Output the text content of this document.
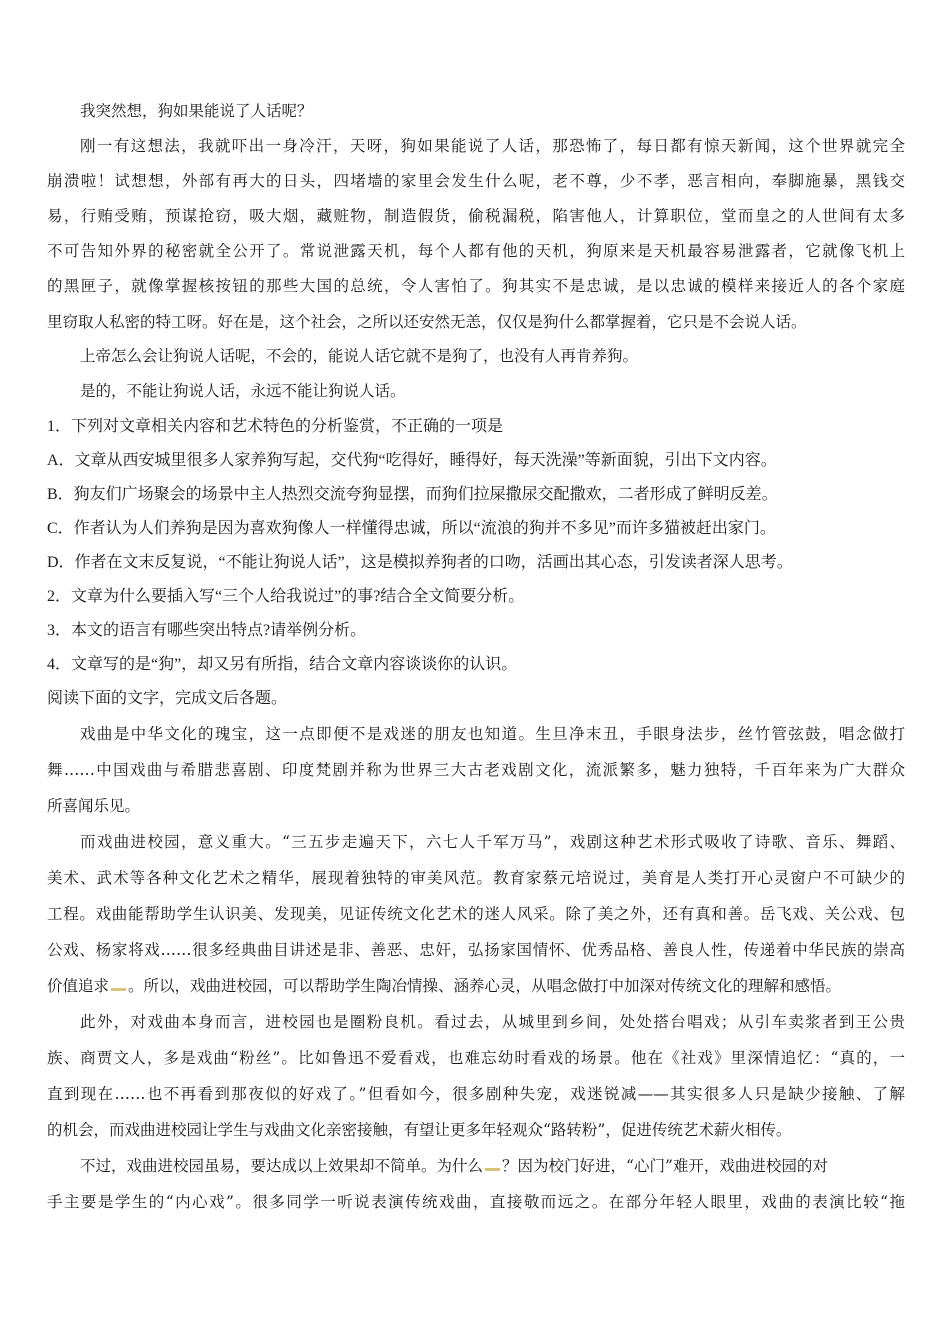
我突然想，狗如果能说了人话呢？
刚一有这想法，我就吓出一身冷汗，天呀，狗如果能说了人话，那恐怖了，每日都有惊天新闻，这个世界就完全
崩溃啦！试想想，外部有再大的日头，四堵墙的家里会发生什么呢，老不尊，少不孝，恶言相向，奉脚施暴，黑钱交
易，行贿受贿，预谋抢窃，吸大烟，藏赃物，制造假货，偷税漏税，陷害他人，计算职位，堂而皇之的人世间有太多
不可告知外界的秘密就全公开了。常说泄露天机，每个人都有他的天机，狗原来是天机最容易泄露者，它就像飞机上
的黑匣子，就像掌握核按钮的那些大国的总统，令人害怕了。狗其实不是忠诚，是以忠诚的模样来接近人的各个家庭
里窃取人私密的特工呀。好在是，这个社会，之所以还安然无恙，仅仅是狗什么都掌握着，它只是不会说人话。
上帝怎么会让狗说人话呢，不会的，能说人话它就不是狗了，也没有人再肯养狗。
是的，不能让狗说人话，永远不能让狗说人话。
1．下列对文章相关内容和艺术特色的分析鉴赏，不正确的一项是
A．文章从西安城里很多人家养狗写起，交代狗“吃得好，睡得好，每天洗澡”等新面貌，引出下文内容。
B．狗友们广场聚会的场景中主人热烈交流夸狗显摆，而狗们拉屎撒尿交配撒欢，二者形成了鲜明反差。
C．作者认为人们养狗是因为喜欢狗像人一样懂得忠诚，所以“流浪的狗并不多见”而许多猫被赶出家门。
D．作者在文末反复说，“不能让狗说人话”，这是模拟养狗者的口吻，活画出其心态，引发读者深人思考。
2．文章为什么要插入写“三个人给我说过”的事?结合全文简要分析。
3．本文的语言有哪些突出特点?请举例分析。
4．文章写的是“狗”，却又另有所指，结合文章内容谈谈你的认识。
阅读下面的文字，完成文后各题。
戏曲是中华文化的瑰宝，这一点即便不是戏迷的朋友也知道。生旦净末丑，手眼身法步，丝竹管弦鼓，唱念做打
舞……中国戏曲与希腊悲喜剧、印度梵剧并称为世界三大古老戏剧文化，流派繁多，魅力独特，千百年来为广大群众
所喜闻乐见。
而戏曲进校园，意义重大。“三五步走遍天下，六七人千军万马”，戏剧这种艺术形式吸收了诗歌、音乐、舞蹈、
美术、武术等各种文化艺术之精华，展现着独特的审美风范。教育家蔡元培说过，美育是人类打开心灵窗户不可缺少的
工程。戏曲能帮助学生认识美、发现美，见证传统文化艺术的迷人风采。除了美之外，还有真和善。岳飞戏、关公戏、包
公戏、杨家将戏……很多经典曲目讲述是非、善恶、忠奸，弘扬家国情怀、优秀品格、善良人性，传递着中华民族的崇高
价值追求 。所以，戏曲进校园，可以帮助学生陶冶情操、涵养心灵，从唱念做打中加深对传统文化的理解和感悟。
此外，对戏曲本身而言，进校园也是圈粉良机。看过去，从城里到乡间，处处搭台唱戏；从引车卖浆者到王公贵
族、商贾文人，多是戏曲“粉丝”。比如鲁迅不爱看戏，也难忘幼时看戏的场景。他在《社戏》里深情追忆：“真的，一
直到现在……也不再看到那夜似的好戏了。”但看如今，很多剧种失宠，戏迷锐减——其实很多人只是缺少接触、了解
的机会，而戏曲进校园让学生与戏曲文化亲密接触，有望让更多年轻观众“路转粉”，促进传统艺术薪火相传。
不过，戏曲进校园虽易，要达成以上效果却不简单。为什么 ？因为校门好进，“心门”难开，戏曲进校园的对
手主要是学生的“内心戏”。很多同学一听说表演传统戏曲，直接敬而远之。在部分年轻人眼里，戏曲的表演比较“拖
